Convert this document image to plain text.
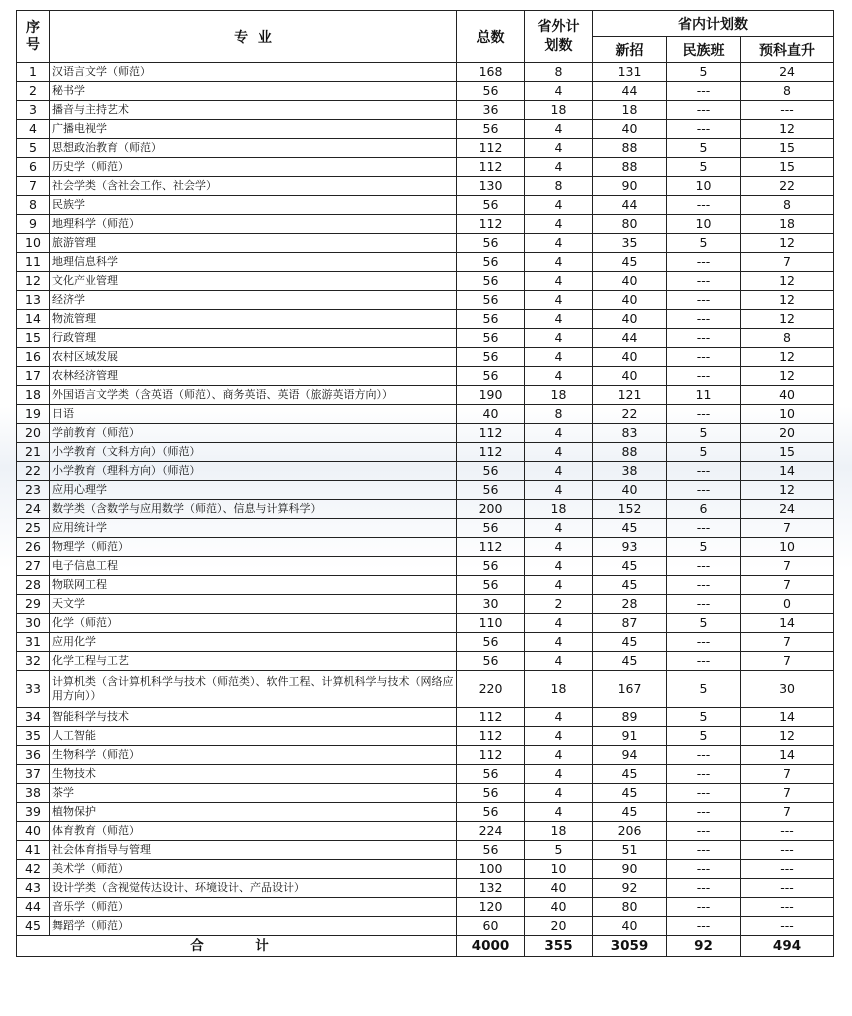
序号	专  业	总数	省外计划数	省内计划数		
				新招	民族班	预科直升
1	汉语言文学（师范）	168	8	131	5	24
2	秘书学	56	4	44	---	8
3	播音与主持艺术	36	18	18	---	---
4	广播电视学	56	4	40	---	12
5	思想政治教育（师范）	112	4	88	5	15
6	历史学（师范）	112	4	88	5	15
7	社会学类（含社会工作、社会学）	130	8	90	10	22
8	民族学	56	4	44	---	8
9	地理科学（师范）	112	4	80	10	18
10	旅游管理	56	4	35	5	12
11	地理信息科学	56	4	45	---	7
12	文化产业管理	56	4	40	---	12
13	经济学	56	4	40	---	12
14	物流管理	56	4	40	---	12
15	行政管理	56	4	44	---	8
16	农村区域发展	56	4	40	---	12
17	农林经济管理	56	4	40	---	12
18	外国语言文学类（含英语（师范）、商务英语、英语（旅游英语方向））	190	18	121	11	40
19	日语	40	8	22	---	10
20	学前教育（师范）	112	4	83	5	20
21	小学教育（文科方向）（师范）	112	4	88	5	15
22	小学教育（理科方向）（师范）	56	4	38	---	14
23	应用心理学	56	4	40	---	12
24	数学类（含数学与应用数学（师范）、信息与计算科学）	200	18	152	6	24
25	应用统计学	56	4	45	---	7
26	物理学（师范）	112	4	93	5	10
27	电子信息工程	56	4	45	---	7
28	物联网工程	56	4	45	---	7
29	天文学	30	2	28	---	0
30	化学（师范）	110	4	87	5	14
31	应用化学	56	4	45	---	7
32	化学工程与工艺	56	4	45	---	7
33	计算机类（含计算机科学与技术（师范类）、软件工程、计算机科学与技术（网络应用方向））	220	18	167	5	30
34	智能科学与技术	112	4	89	5	14
35	人工智能	112	4	91	5	12
36	生物科学（师范）	112	4	94	---	14
37	生物技术	56	4	45	---	7
38	茶学	56	4	45	---	7
39	植物保护	56	4	45	---	7
40	体育教育（师范）	224	18	206	---	---
41	社会体育指导与管理	56	5	51	---	---
42	美术学（师范）	100	10	90	---	---
43	设计学类（含视觉传达设计、环境设计、产品设计）	132	40	92	---	---
44	音乐学（师范）	120	40	80	---	---
45	舞蹈学（师范）	60	20	40	---	---
合  计		4000	355	3059	92	494
